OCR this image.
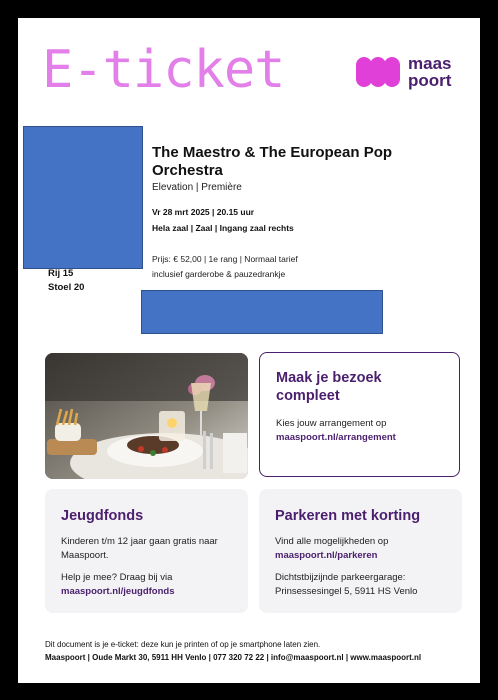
E-ticket	maas
poort
Rij 15
Stoel 20
The Maestro & The European Pop Orchestra
Elevation | Première
Vr 28 mrt 2025 | 20.15 uur
Hela zaal | Zaal | Ingang zaal rechts
Prijs: € 52,00 | 1e rang | Normaal tarief
inclusief garderobe & pauzedrankje
Maak je bezoek compleet

Kies jouw arrangement op

maaspoort.nl/arrangement

Jeugdfonds

Kinderen t/m 12 jaar gaan gratis naar Maaspoort.

Help je mee? Draag bij via

maaspoort.nl/jeugdfonds

Parkeren met korting

Vind alle mogelijkheden op

maaspoort.nl/parkeren

Dichtstbijzijnde parkeergarage:

Prinsessesingel 5, 5911 HS Venlo

Dit document is je e-ticket: deze kun je printen of op je smartphone laten zien.
Maaspoort | Oude Markt 30, 5911 HH Venlo | 077 320 72 22 | info@maaspoort.nl | www.maaspoort.nl
